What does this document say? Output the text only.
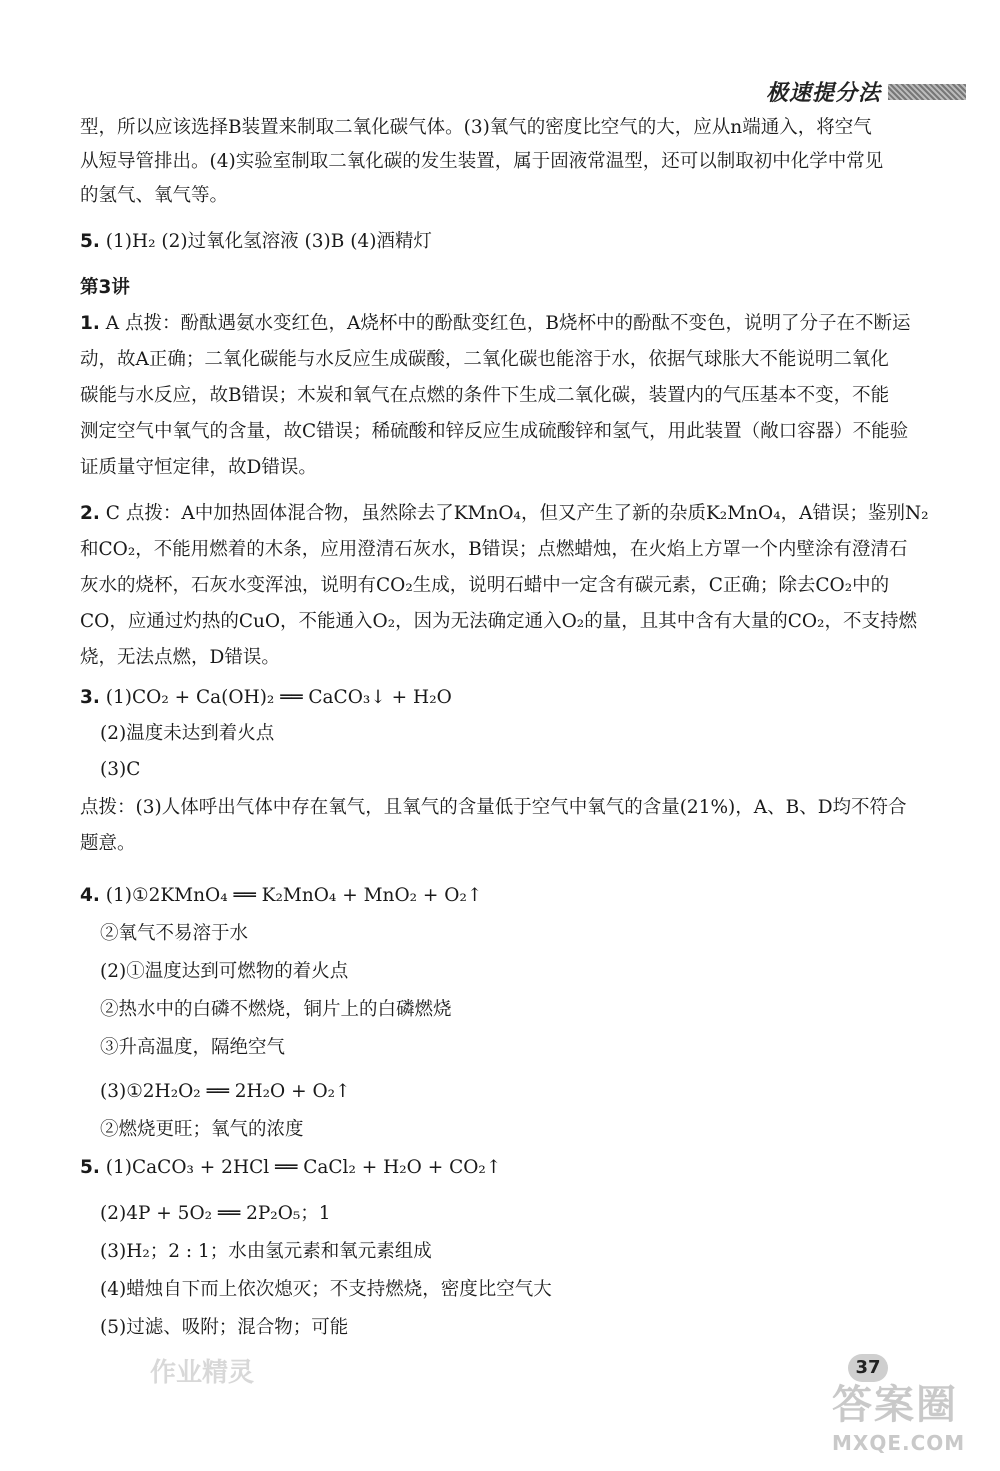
极速提分法
型，所以应该选择B装置来制取二氧化碳气体。(3)氧气的密度比空气的大，应从n端通入，将空气
从短导管排出。(4)实验室制取二氧化碳的发生装置，属于固液常温型，还可以制取初中化学中常见
的氢气、氧气等。
5. (1)H₂ (2)过氧化氢溶液 (3)B (4)酒精灯
第3讲
1. A 点拨：酚酞遇氨水变红色，A烧杯中的酚酞变红色，B烧杯中的酚酞不变色，说明了分子在不断运
动，故A正确；二氧化碳能与水反应生成碳酸，二氧化碳也能溶于水，依据气球胀大不能说明二氧化
碳能与水反应，故B错误；木炭和氧气在点燃的条件下生成二氧化碳，装置内的气压基本不变，不能
测定空气中氧气的含量，故C错误；稀硫酸和锌反应生成硫酸锌和氢气，用此装置（敞口容器）不能验
证质量守恒定律，故D错误。
2. C 点拨：A中加热固体混合物，虽然除去了KMnO₄，但又产生了新的杂质K₂MnO₄，A错误；鉴别N₂
和CO₂，不能用燃着的木条，应用澄清石灰水，B错误；点燃蜡烛，在火焰上方罩一个内壁涂有澄清石
灰水的烧杯，石灰水变浑浊，说明有CO₂生成，说明石蜡中一定含有碳元素，C正确；除去CO₂中的
CO，应通过灼热的CuO，不能通入O₂，因为无法确定通入O₂的量，且其中含有大量的CO₂，不支持燃
烧，无法点燃，D错误。
3. (1)CO₂ + Ca(OH)₂ ══ CaCO₃↓ + H₂O
(2)温度未达到着火点
(3)C
点拨：(3)人体呼出气体中存在氧气，且氧气的含量低于空气中氧气的含量(21%)，A、B、D均不符合
题意。
4. (1)①2KMnO₄ ══ K₂MnO₄ + MnO₂ + O₂↑
②氧气不易溶于水
(2)①温度达到可燃物的着火点
②热水中的白磷不燃烧，铜片上的白磷燃烧
③升高温度，隔绝空气
(3)①2H₂O₂ ══ 2H₂O + O₂↑
②燃烧更旺；氧气的浓度
5. (1)CaCO₃ + 2HCl ══ CaCl₂ + H₂O + CO₂↑
(2)4P + 5O₂ ══ 2P₂O₅；1
(3)H₂；2 : 1；水由氢元素和氧元素组成
(4)蜡烛自下而上依次熄灭；不支持燃烧，密度比空气大
(5)过滤、吸附；混合物；可能
作业精灵	37
答案圈
MXQE.COM
